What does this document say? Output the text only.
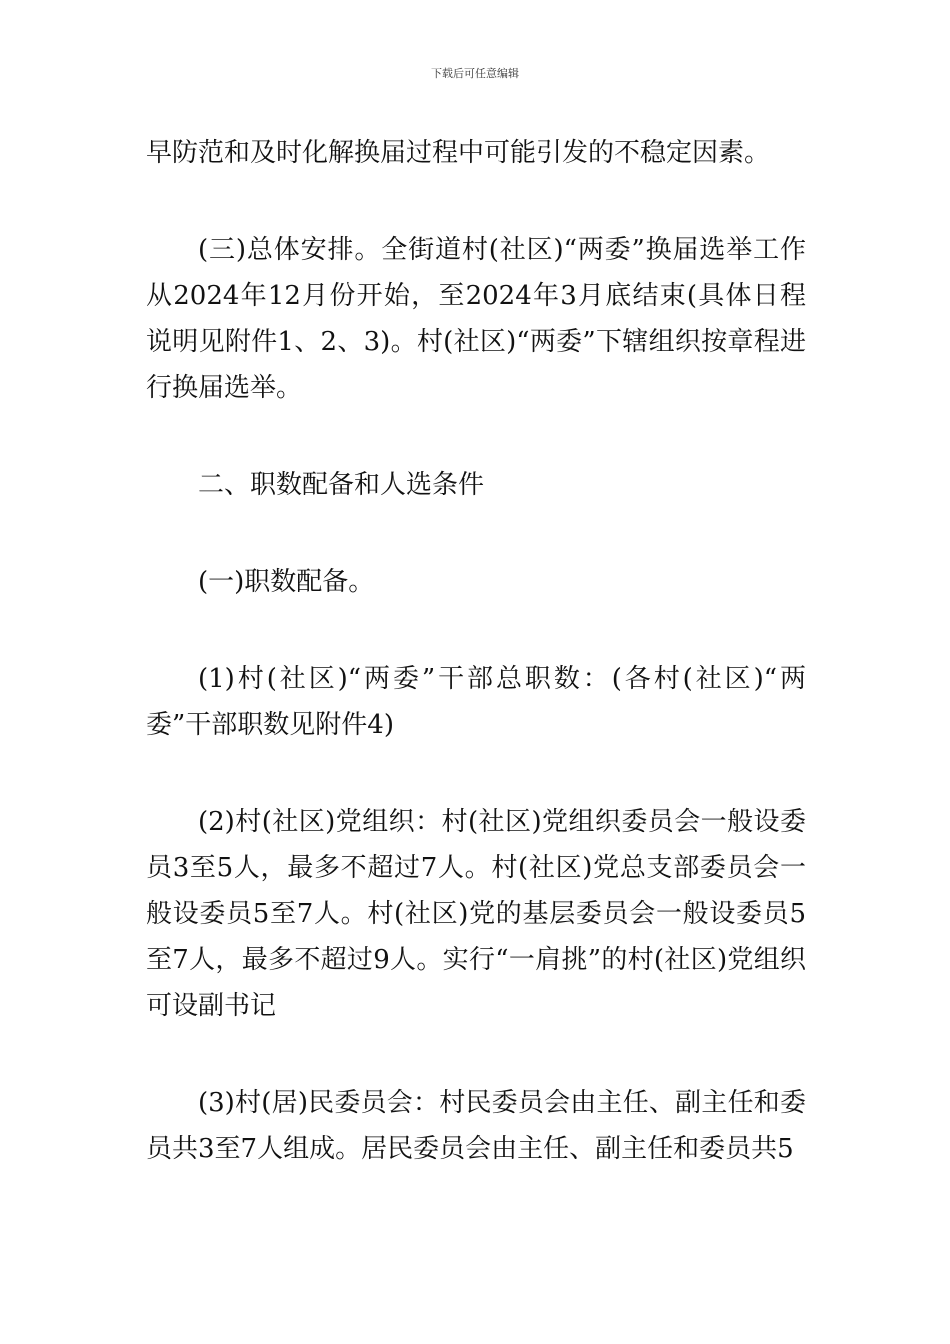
下载后可任意编辑

早防范和及时化解换届过程中可能引发的不稳定因素。

(三)总体安排。全街道村(社区)“两委”换届选举工作从2024年12月份开始，至2024年3月底结束(具体日程说明见附件1、2、3)。村(社区)“两委”下辖组织按章程进行换届选举。

二、职数配备和人选条件

(一)职数配备。

(1)村(社区)“两委”干部总职数：(各村(社区)“两委”干部职数见附件4)

(2)村(社区)党组织：村(社区)党组织委员会一般设委员3至5人，最多不超过7人。村(社区)党总支部委员会一般设委员5至7人。村(社区)党的基层委员会一般设委员5至7人，最多不超过9人。实行“一肩挑”的村(社区)党组织可设副书记

(3)村(居)民委员会：村民委员会由主任、副主任和委员共3至7人组成。居民委员会由主任、副主任和委员共5
